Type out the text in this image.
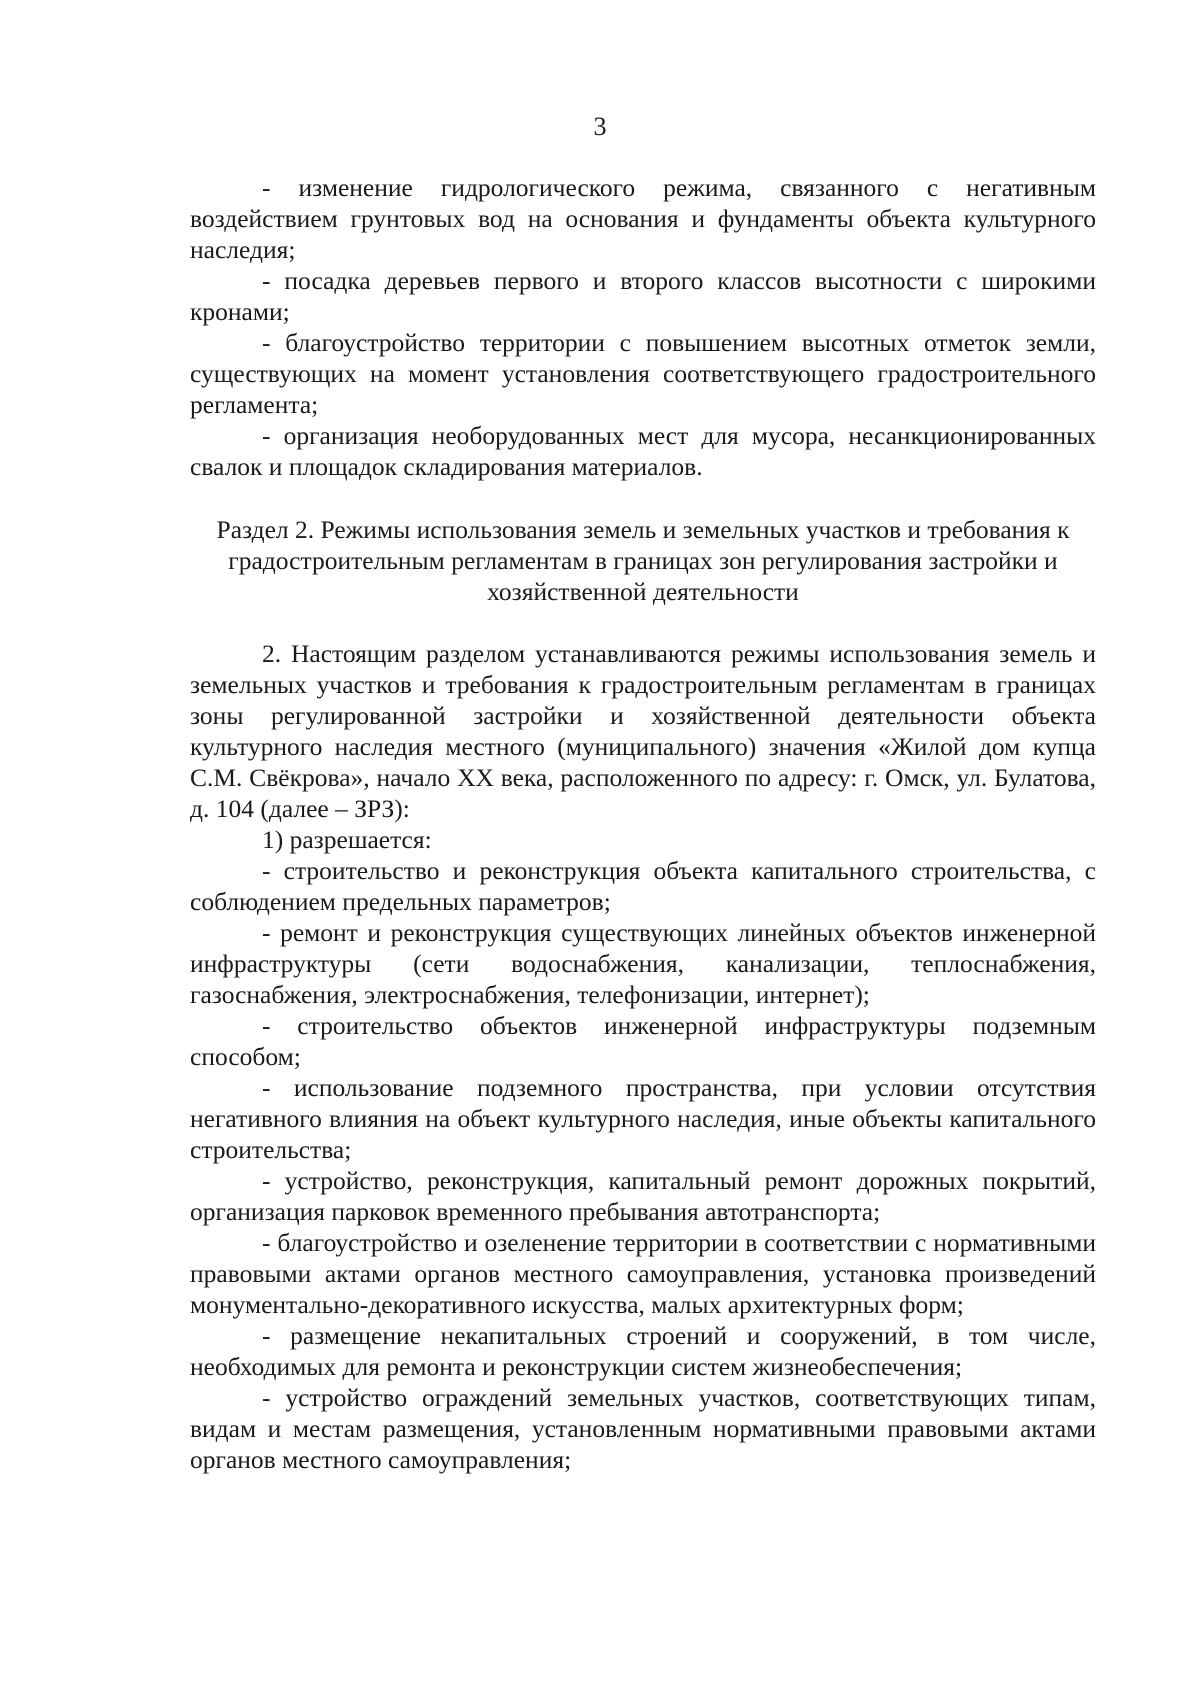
3

- изменение гидрологического режима, связанного с негативным воздействием грунтовых вод на основания и фундаменты объекта культурного наследия;

- посадка деревьев первого и второго классов высотности с широкими кронами;

- благоустройство территории с повышением высотных отметок земли, существующих на момент установления соответствующего градостроительного регламента;

- организация необорудованных мест для мусора, несанкционированных свалок и площадок складирования материалов.

Раздел 2. Режимы использования земель и земельных участков и требования к градостроительным регламентам в границах зон регулирования застройки и хозяйственной деятельности

2. Настоящим разделом устанавливаются режимы использования земель и земельных участков и требования к градостроительным регламентам в границах зоны регулированной застройки и хозяйственной деятельности объекта культурного наследия местного (муниципального) значения «Жилой дом купца С.М. Свёкрова», начало XX века, расположенного по адресу: г. Омск, ул. Булатова, д. 104 (далее – ЗРЗ):

1) разрешается:

- строительство и реконструкция объекта капитального строительства, с соблюдением предельных параметров;

- ремонт и реконструкция существующих линейных объектов инженерной инфраструктуры (сети водоснабжения, канализации, теплоснабжения, газоснабжения, электроснабжения, телефонизации, интернет);

- строительство объектов инженерной инфраструктуры подземным способом;

- использование подземного пространства, при условии отсутствия негативного влияния на объект культурного наследия, иные объекты капитального строительства;

- устройство, реконструкция, капитальный ремонт дорожных покрытий, организация парковок временного пребывания автотранспорта;

- благоустройство и озеленение территории в соответствии с нормативными правовыми актами органов местного самоуправления, установка произведений монументально-декоративного искусства, малых архитектурных форм;

- размещение некапитальных строений и сооружений, в том числе, необходимых для ремонта и реконструкции систем жизнеобеспечения;

- устройство ограждений земельных участков, соответствующих типам, видам и местам размещения, установленным нормативными правовыми актами органов местного самоуправления;
